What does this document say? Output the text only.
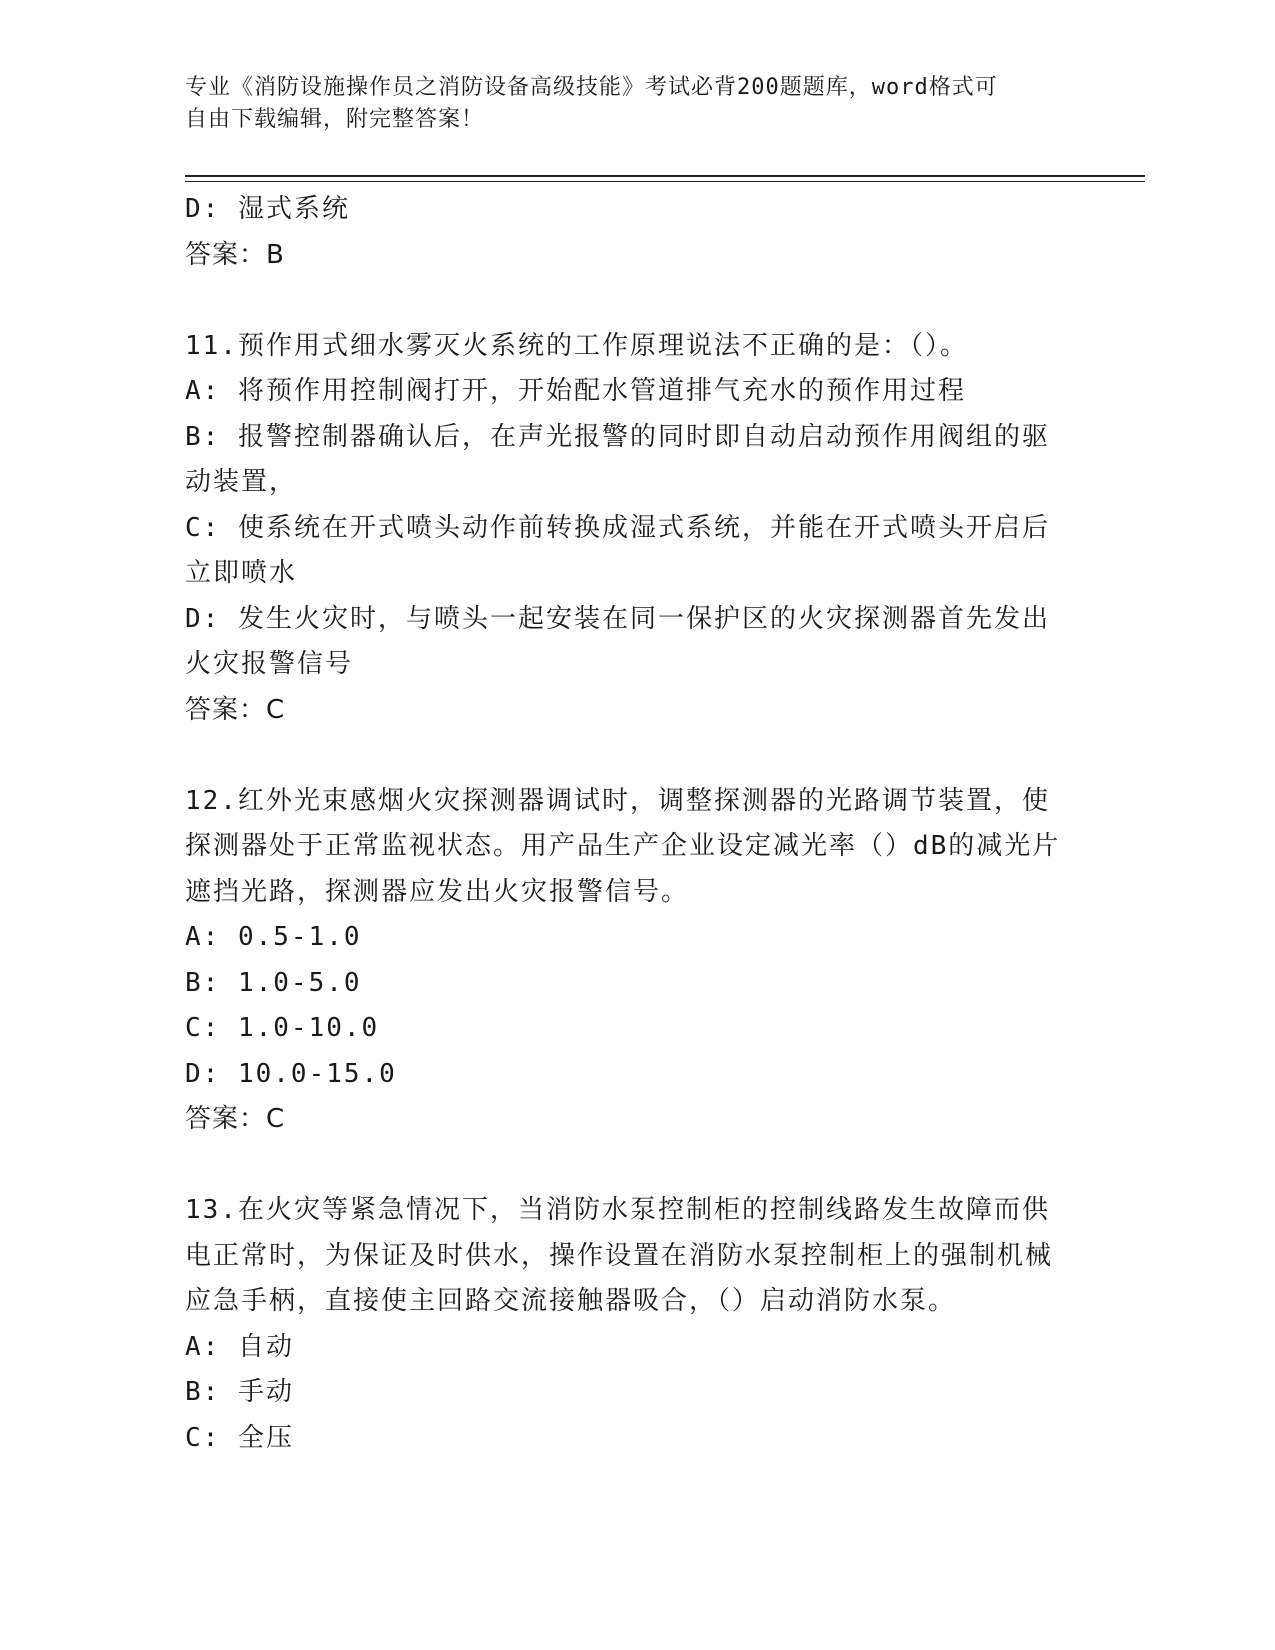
专业《消防设施操作员之消防设备高级技能》考试必背200题题库，word格式可
自由下载编辑，附完整答案！
D: 湿式系统
答案：B
11.预作用式细水雾灭火系统的工作原理说法不正确的是：（）。
A: 将预作用控制阀打开，开始配水管道排气充水的预作用过程
B: 报警控制器确认后，在声光报警的同时即自动启动预作用阀组的驱动装置，
C: 使系统在开式喷头动作前转换成湿式系统，并能在开式喷头开启后立即喷水
D: 发生火灾时，与喷头一起安装在同一保护区的火灾探测器首先发出火灾报警信号
答案：C
12.红外光束感烟火灾探测器调试时，调整探测器的光路调节装置，使探测器处于正常监视状态。用产品生产企业设定减光率（）dB的减光片遮挡光路，探测器应发出火灾报警信号。
A: 0.5-1.0
B: 1.0-5.0
C: 1.0-10.0
D: 10.0-15.0
答案：C
13.在火灾等紧急情况下，当消防水泵控制柜的控制线路发生故障而供电正常时，为保证及时供水，操作设置在消防水泵控制柜上的强制机械应急手柄，直接使主回路交流接触器吸合，（）启动消防水泵。
A: 自动
B: 手动
C: 全压
